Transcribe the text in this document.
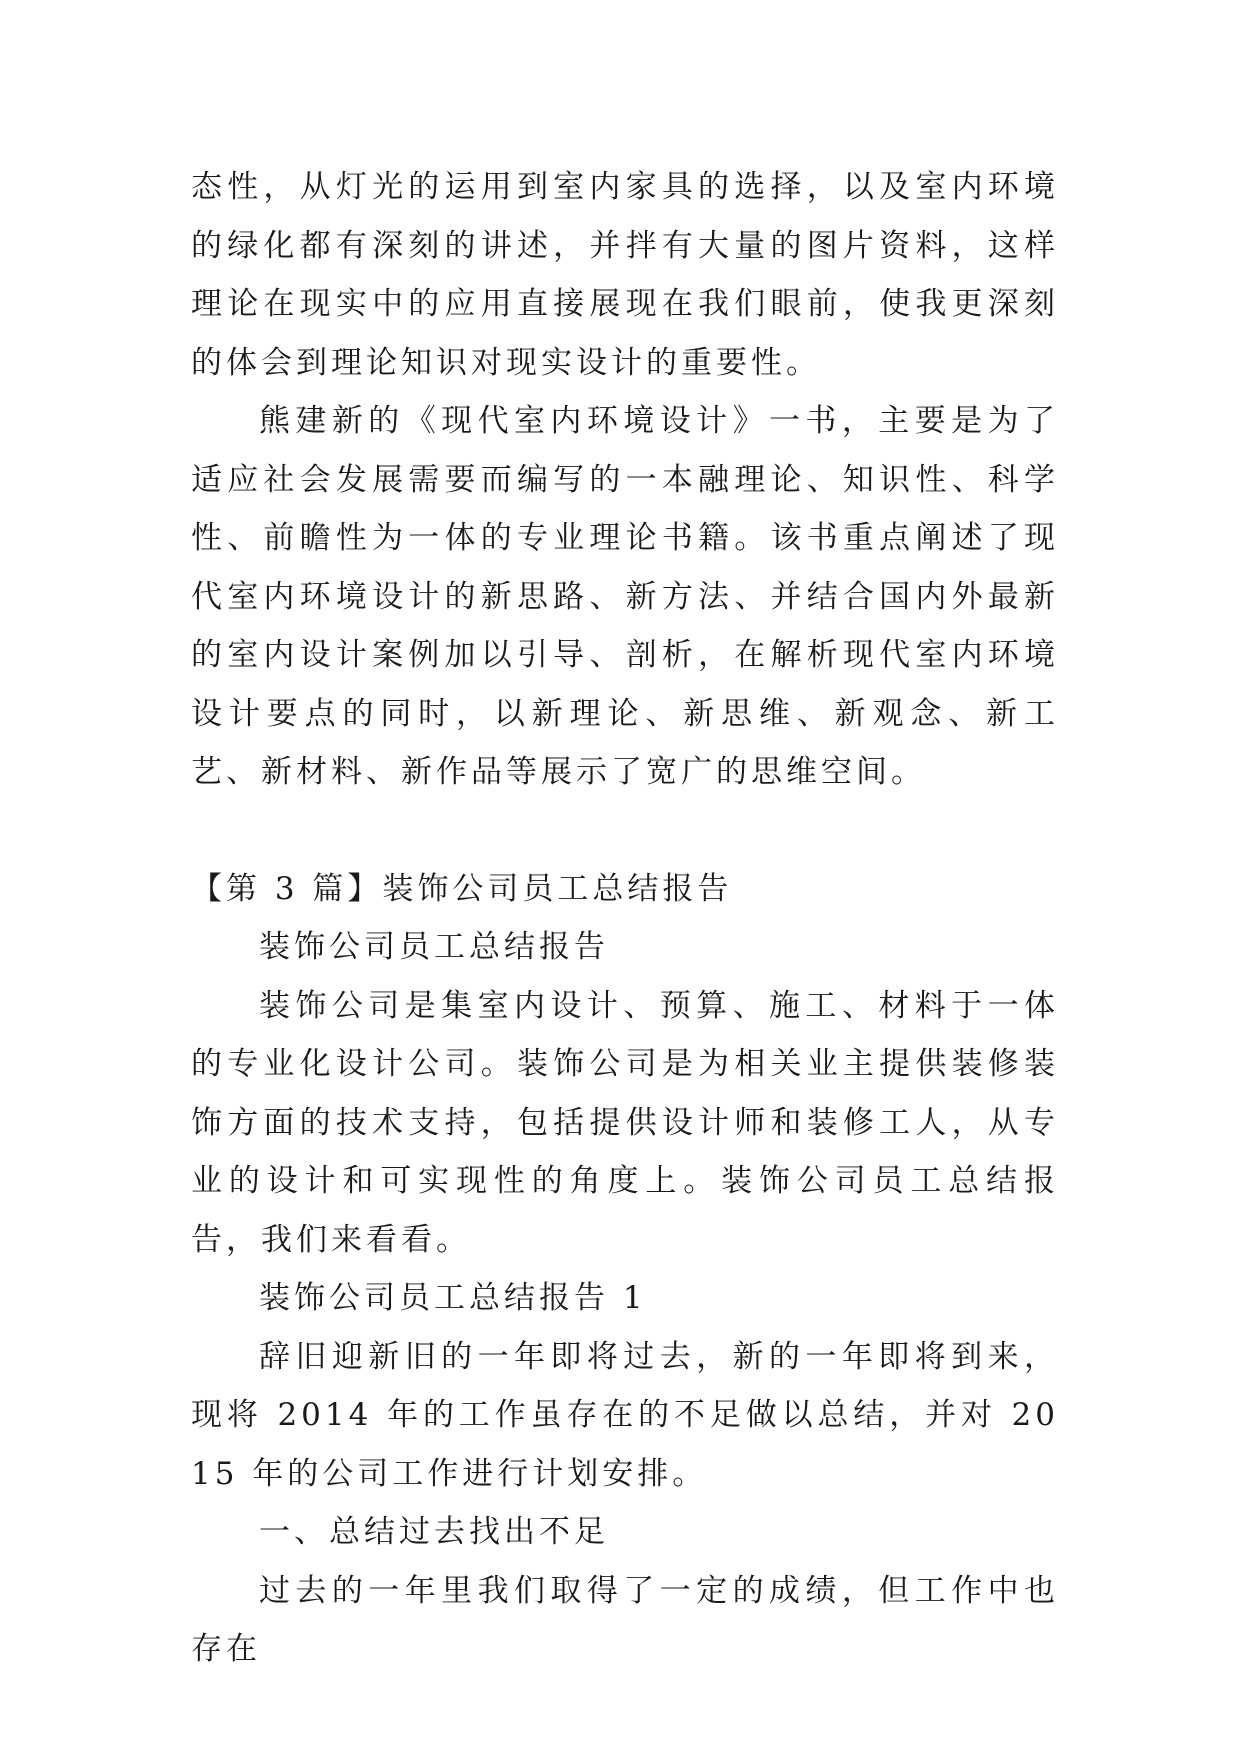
态性，从灯光的运用到室内家具的选择，以及室内环境的绿化都有深刻的讲述，并拌有大量的图片资料，这样理论在现实中的应用直接展现在我们眼前，使我更深刻的体会到理论知识对现实设计的重要性。

熊建新的《现代室内环境设计》一书，主要是为了适应社会发展需要而编写的一本融理论、知识性、科学性、前瞻性为一体的专业理论书籍。该书重点阐述了现代室内环境设计的新思路、新方法、并结合国内外最新的室内设计案例加以引导、剖析，在解析现代室内环境设计要点的同时，以新理论、新思维、新观念、新工艺、新材料、新作品等展示了宽广的思维空间。

【第 3 篇】装饰公司员工总结报告

装饰公司员工总结报告

装饰公司是集室内设计、预算、施工、材料于一体的专业化设计公司。装饰公司是为相关业主提供装修装饰方面的技术支持，包括提供设计师和装修工人，从专业的设计和可实现性的角度上。装饰公司员工总结报告，我们来看看。

装饰公司员工总结报告 1

辞旧迎新旧的一年即将过去，新的一年即将到来，现将 2014 年的工作虽存在的不足做以总结，并对 2015 年的公司工作进行计划安排。

一、总结过去找出不足

过去的一年里我们取得了一定的成绩，但工作中也存在
